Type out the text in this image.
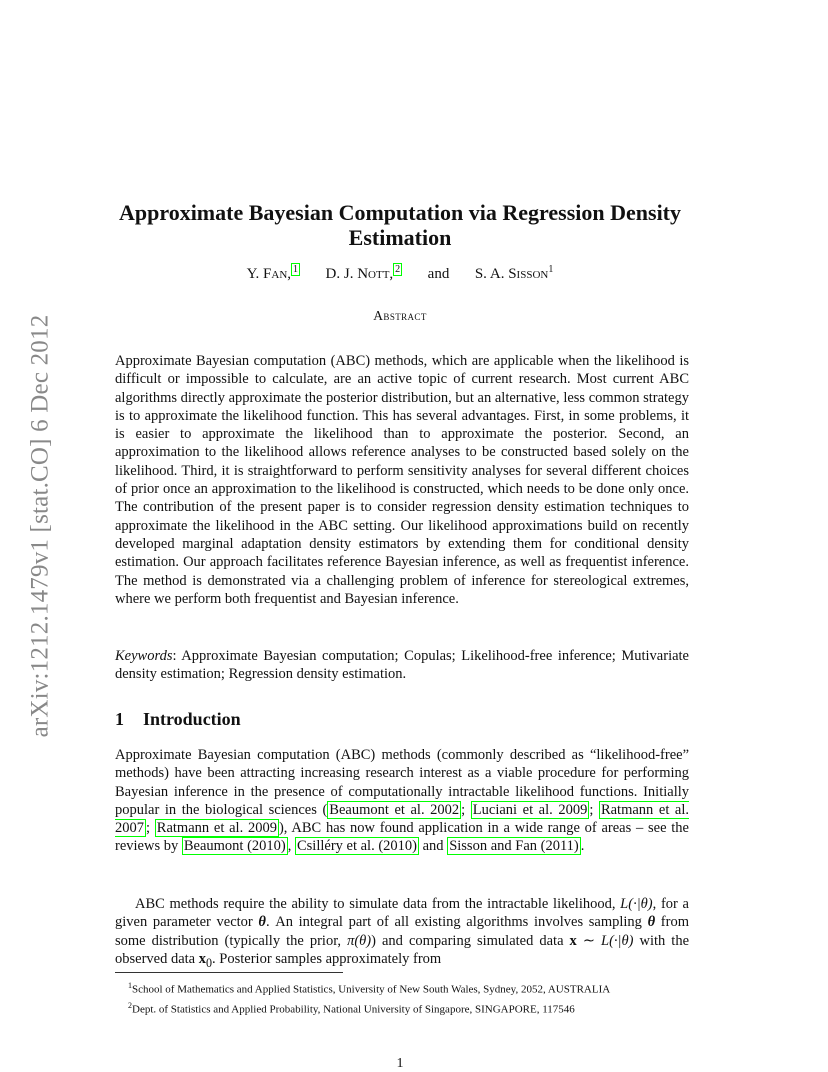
arXiv:1212.1479v1 [stat.CO] 6 Dec 2012
Approximate Bayesian Computation via Regression Density Estimation
Y. Fan, $^1$ D. J. Nott, $^2$ and S. A. Sisson$^1$
Abstract

Approximate Bayesian computation (ABC) methods, which are applicable when the likelihood is difficult or impossible to calculate, are an active topic of current research. Most current ABC algorithms directly approximate the posterior distribution, but an alternative, less common strategy is to approximate the likelihood function. This has several advantages. First, in some problems, it is easier to approximate the likelihood than to approximate the posterior. Second, an approximation to the likelihood allows reference analyses to be constructed based solely on the likelihood. Third, it is straightforward to perform sensitivity analyses for several different choices of prior once an approximation to the likelihood is constructed, which needs to be done only once. The contribution of the present paper is to consider regression density estimation techniques to approximate the likelihood in the ABC setting. Our likelihood approximations build on recently developed marginal adaptation density estimators by extending them for conditional density estimation. Our approach facilitates reference Bayesian inference, as well as frequentist inference. The method is demonstrated via a challenging problem of inference for stereological extremes, where we perform both frequentist and Bayesian inference.

Keywords: Approximate Bayesian computation; Copulas; Likelihood-free inference; Mutivariate density estimation; Regression density estimation.

1 Introduction

Approximate Bayesian computation (ABC) methods (commonly described as “likelihood-free” methods) have been attracting increasing research interest as a viable procedure for performing Bayesian inference in the presence of computationally intractable likelihood functions. Initially popular in the biological sciences ( Beaumont et al. 2002 ; Luciani et al. 2009 ; Ratmann et al. 2007 ; Ratmann et al. 2009 ), ABC has now found application in a wide range of areas – see the reviews by Beaumont (2010) , Csilléry et al. (2010) and Sisson and Fan (2011) .

ABC methods require the ability to simulate data from the intractable likelihood, L(·|θ), for a given parameter vector θ. An integral part of all existing algorithms involves sampling θ from some distribution (typically the prior, π(θ)) and comparing simulated data x ∼ L(·|θ) with the observed data $x_0$. Posterior samples approximately from

$^1$School of Mathematics and Applied Statistics, University of New South Wales, Sydney, 2052, AUSTRALIA
$^2$Dept. of Statistics and Applied Probability, National University of Singapore, SINGAPORE, 117546
1
